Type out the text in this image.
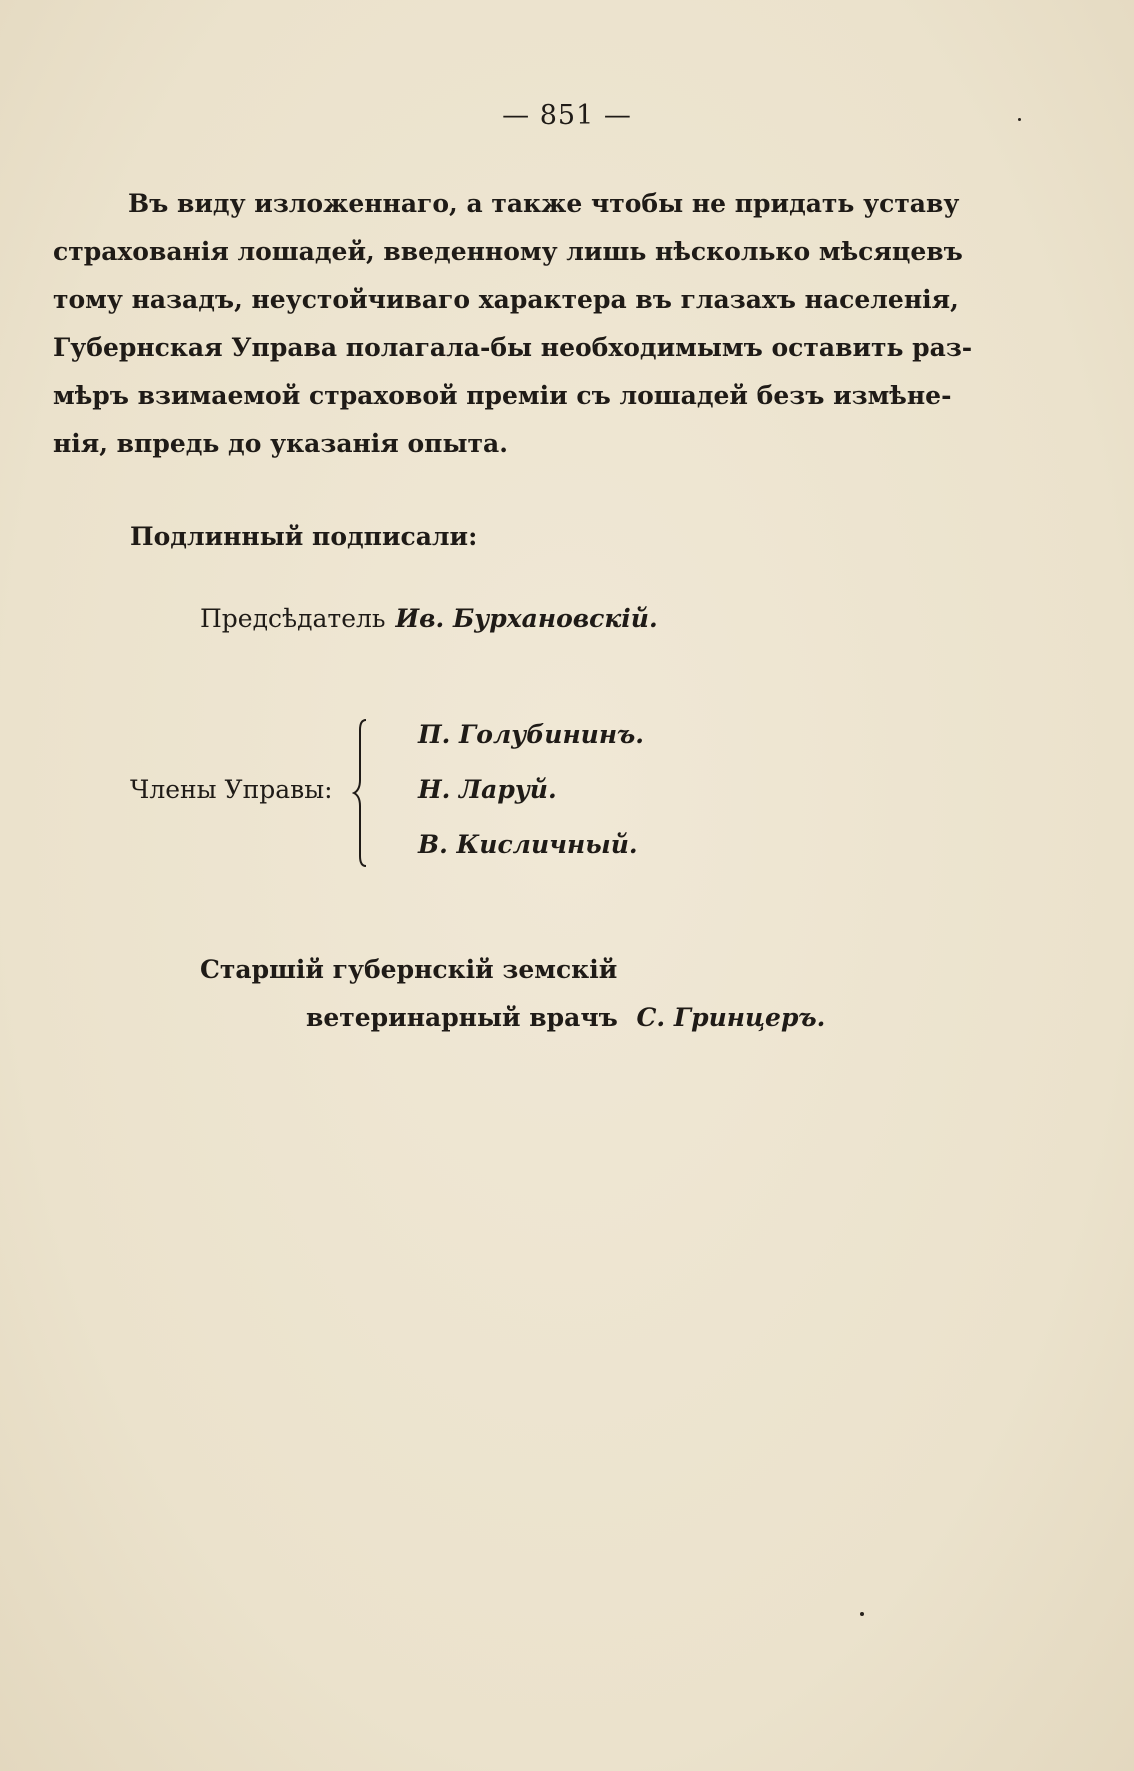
— 851 —
Въ виду изложеннаго, а также чтобы не придать уставу
страхованія лошадей, введенному лишь нѣсколько мѣсяцевъ
тому назадъ, неустойчиваго характера въ глазахъ населенія,
Губернская Управа полагала-бы необходимымъ оставить раз-
мѣръ взимаемой страховой преміи съ лошадей безъ измѣне-
нія, впредь до указанія опыта.
Подлинный подписали:
Предсѣдатель Ив. Бурхановскій.
Члены Управы:
П. Голубининъ.
Н. Ларуй.
В. Кисличный.
Старшій губернскій земскій
ветеринарный врачъ С. Гринцеръ.
